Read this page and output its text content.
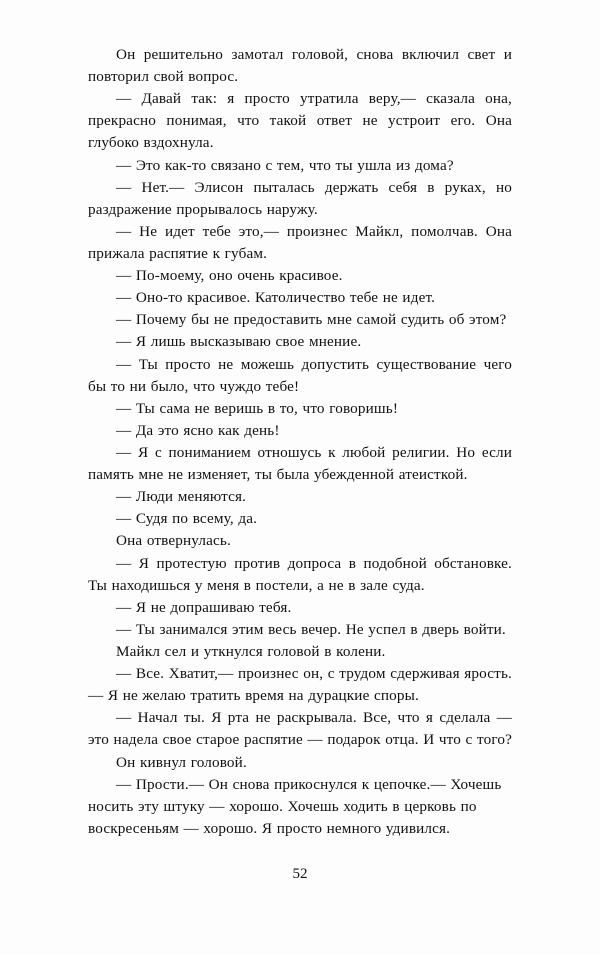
Он решительно замотал головой, снова включил свет и повторил свой вопрос.

— Давай так: я просто утратила веру,— сказала она, прекрасно понимая, что такой ответ не устроит его. Она глубоко вздохнула.

— Это как-то связано с тем, что ты ушла из дома?

— Нет.— Элисон пыталась держать себя в руках, но раздражение прорывалось наружу.

— Не идет тебе это,— произнес Майкл, помолчав. Она прижала распятие к губам.

— По-моему, оно очень красивое.

— Оно-то красивое. Католичество тебе не идет.

— Почему бы не предоставить мне самой судить об этом?

— Я лишь высказываю свое мнение.

— Ты просто не можешь допустить существование чего бы то ни было, что чуждо тебе!

— Ты сама не веришь в то, что говоришь!

— Да это ясно как день!

— Я с пониманием отношусь к любой религии. Но если память мне не изменяет, ты была убежденной атеисткой.

— Люди меняются.

— Судя по всему, да.

Она отвернулась.

— Я протестую против допроса в подобной обстановке. Ты находишься у меня в постели, а не в зале суда.

— Я не допрашиваю тебя.

— Ты занимался этим весь вечер. Не успел в дверь войти.

Майкл сел и уткнулся головой в колени.

— Все. Хватит,— произнес он, с трудом сдерживая ярость.— Я не желаю тратить время на дурацкие споры.

— Начал ты. Я рта не раскрывала. Все, что я сделала — это надела свое старое распятие — подарок отца. И что с того?

Он кивнул головой.

— Прости.— Он снова прикоснулся к цепочке.— Хочешь носить эту штуку — хорошо. Хочешь ходить в церковь по воскресеньям — хорошо. Я просто немного удивился.

52
